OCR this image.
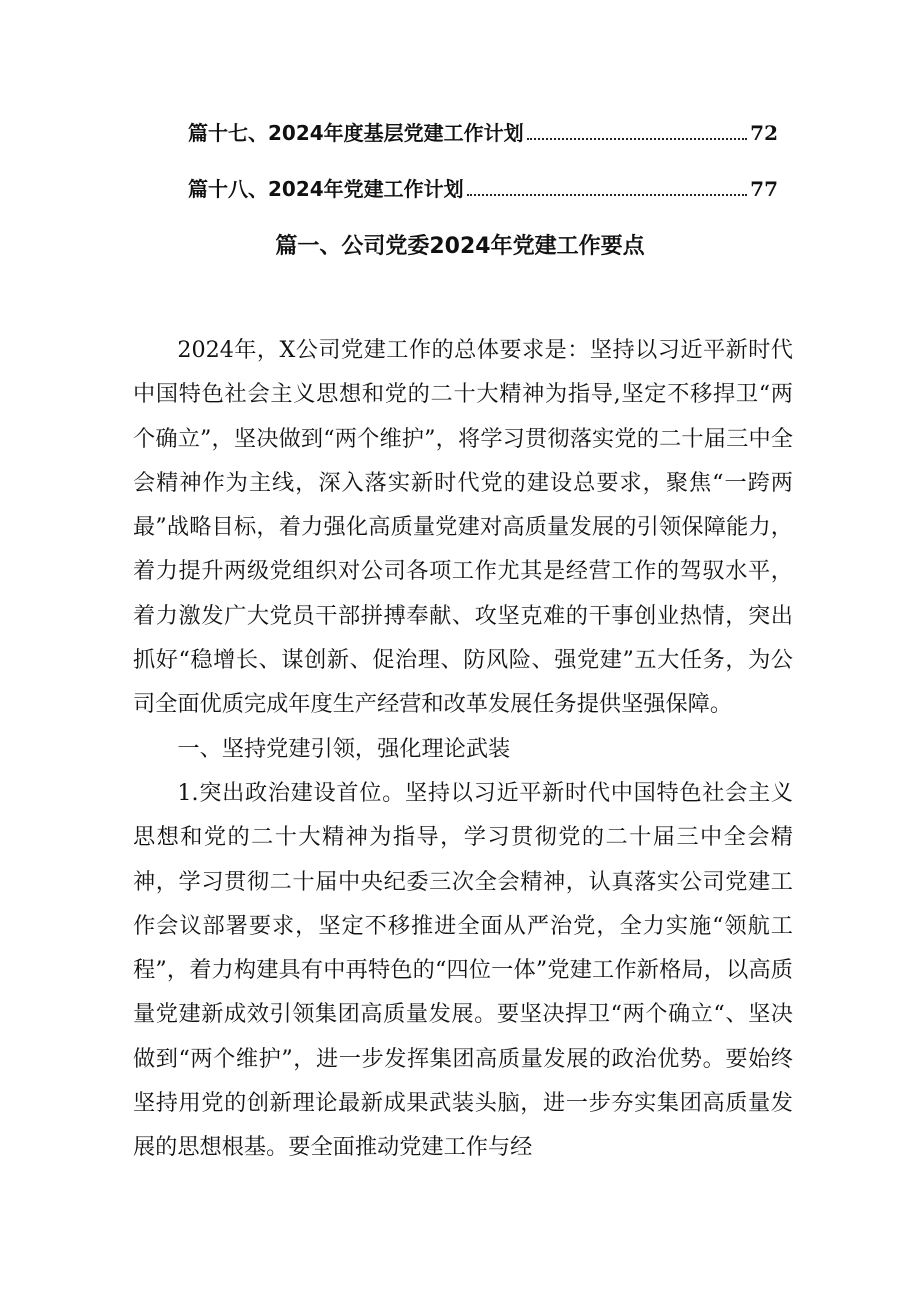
篇十七、2024年度基层党建工作计划	72
篇十八、2024年党建工作计划	77
篇一、公司党委2024年党建工作要点

2024年，X公司党建工作的总体要求是：坚持以习近平新时代中国特色社会主义思想和党的二十大精神为指导,坚定不移捍卫“两个确立”，坚决做到“两个维护”，将学习贯彻落实党的二十届三中全会精神作为主线，深入落实新时代党的建设总要求，聚焦“一跨两最”战略目标，着力强化高质量党建对高质量发展的引领保障能力，着力提升两级党组织对公司各项工作尤其是经营工作的驾驭水平，着力激发广大党员干部拼搏奉献、攻坚克难的干事创业热情，突出抓好“稳增长、谋创新、促治理、防风险、强党建”五大任务，为公司全面优质完成年度生产经营和改革发展任务提供坚强保障。

一、坚持党建引领，强化理论武装

1.突出政治建设首位。坚持以习近平新时代中国特色社会主义思想和党的二十大精神为指导，学习贯彻党的二十届三中全会精神，学习贯彻二十届中央纪委三次全会精神，认真落实公司党建工作会议部署要求，坚定不移推进全面从严治党，全力实施“领航工程”，着力构建具有中再特色的“四位一体”党建工作新格局，以高质量党建新成效引领集团高质量发展。要坚决捍卫“两个确立“、坚决做到“两个维护”，进一步发挥集团高质量发展的政治优势。要始终坚持用党的创新理论最新成果武装头脑，进一步夯实集团高质量发展的思想根基。要全面推动党建工作与经
